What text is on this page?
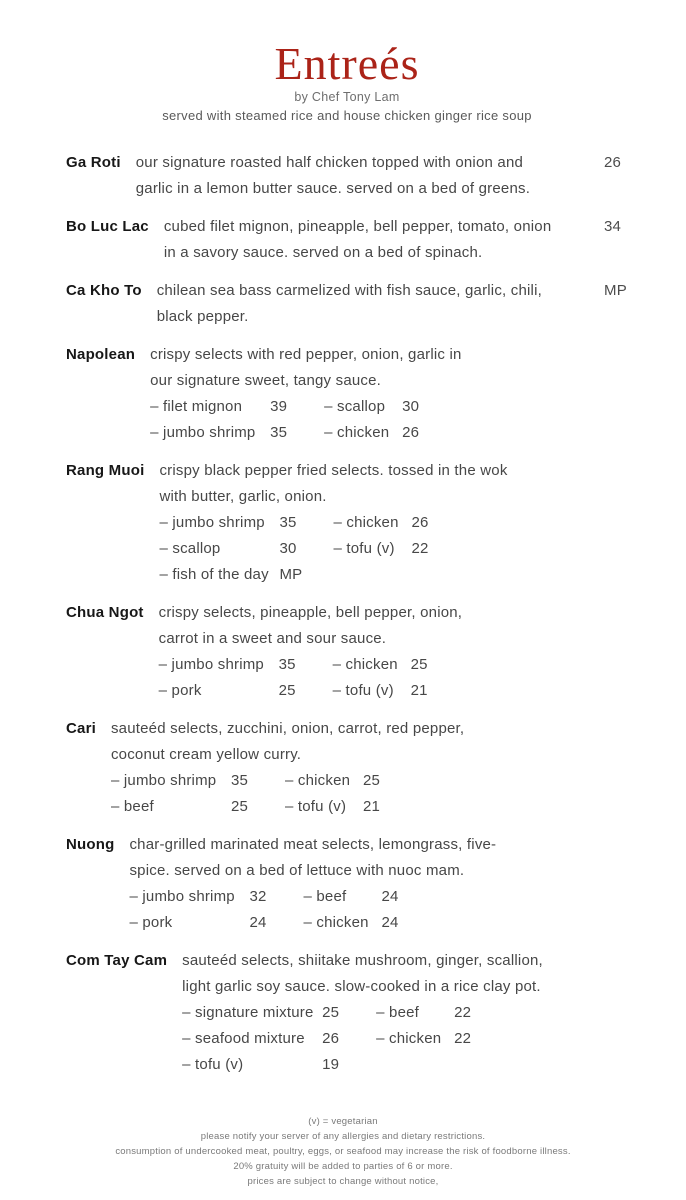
Entreés
by Chef Tony Lam
served with steamed rice and house chicken ginger rice soup
Ga Roti our signature roasted half chicken topped with onion and
garlic in a lemon butter sauce. served on a bed of greens.
26
Bo Luc Lac cubed filet mignon, pineapple, bell pepper, tomato, onion
in a savory sauce. served on a bed of spinach.
34
Ca Kho To chilean sea bass carmelized with fish sauce, garlic, chili,
black pepper.
MP
Napolean crispy selects with red pepper, onion, garlic in
our signature sweet, tangy sauce.
– filet mignon	39	– scallop	30
– jumbo shrimp 35	– chicken 26
Rang Muoi crispy black pepper fried selects. tossed in the wok
with butter, garlic, onion.
– jumbo shrimp 35	– chicken 26
– scallop	30	– tofu (v)	22
– fish of the day MP
Chua Ngot crispy selects, pineapple, bell pepper, onion,
carrot in a sweet and sour sauce.
– jumbo shrimp 35	– chicken 25
– pork	25	– tofu (v)	21
Cari sauteéd selects, zucchini, onion, carrot, red pepper,
coconut cream yellow curry.
– jumbo shrimp 35	– chicken 25
– beef	25	– tofu (v)	21
Nuong char-grilled marinated meat selects, lemongrass, five-
spice. served on a bed of lettuce with nuoc mam.
– jumbo shrimp 32	– beef	24
– pork	24	– chicken 24
Com Tay Cam sauteéd selects, shiitake mushroom, ginger, scallion,
light garlic soy sauce. slow-cooked in a rice clay pot.
– signature mixture 25	– beef	22
– seafood mixture	26	– chicken 22
– tofu (v)	19
(v) = vegetarian
please notify your server of any allergies and dietary restrictions.
consumption of undercooked meat, poultry, eggs, or seafood may increase the risk of foodborne illness.
20% gratuity will be added to parties of 6 or more.
prices are subject to change without notice,
